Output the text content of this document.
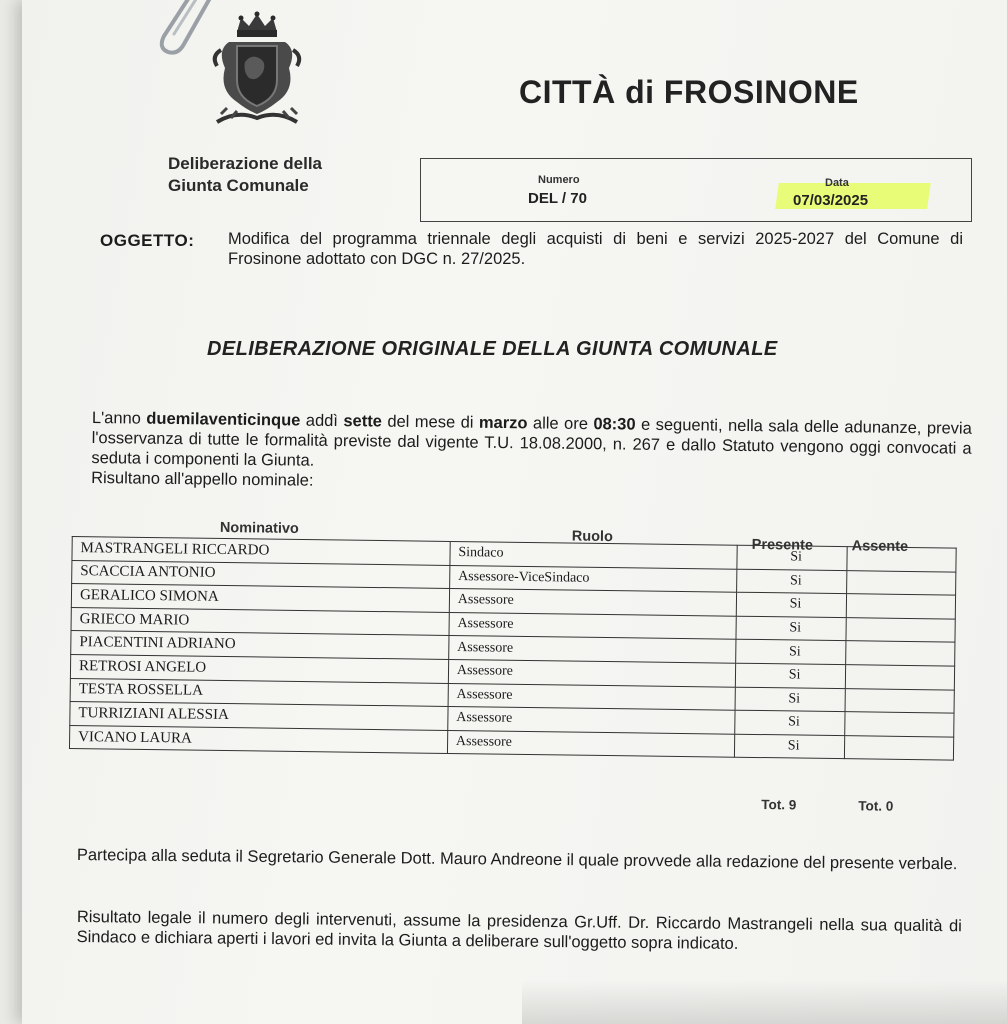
CITTÀ di FROSINONE
Deliberazione della Giunta Comunale	Numero
DEL / 70
Data
07/03/2025
OGGETTO: Modifica del programma triennale degli acquisti di beni e servizi 2025-2027 del Comune di Frosinone adottato con DGC n. 27/2025.
DELIBERAZIONE ORIGINALE DELLA GIUNTA COMUNALE
L'anno duemilaventicinque addì sette del mese di marzo alle ore 08:30 e seguenti, nella sala delle adunanze, previa l'osservanza di tutte le formalità previste dal vigente T.U. 18.08.2000, n. 267 e dallo Statuto vengono oggi convocati a seduta i componenti la Giunta.
Risultano all'appello nominale:
Nominativo	Ruolo
Presente	Assente
MASTRANGELI RICCARDO	Sindaco	Si	
SCACCIA ANTONIO	Assessore-ViceSindaco	Si	
GERALICO SIMONA	Assessore	Si	
GRIECO MARIO	Assessore	Si	
PIACENTINI ADRIANO	Assessore	Si	
RETROSI ANGELO	Assessore	Si	
TESTA ROSSELLA	Assessore	Si	
TURRIZIANI ALESSIA	Assessore	Si	
VICANO LAURA	Assessore	Si	
Tot. 9	Tot. 0
Partecipa alla seduta il Segretario Generale Dott. Mauro Andreone il quale provvede alla redazione del presente verbale.
Risultato legale il numero degli intervenuti, assume la presidenza Gr.Uff. Dr. Riccardo Mastrangeli nella sua qualità di Sindaco e dichiara aperti i lavori ed invita la Giunta a deliberare sull'oggetto sopra indicato.
